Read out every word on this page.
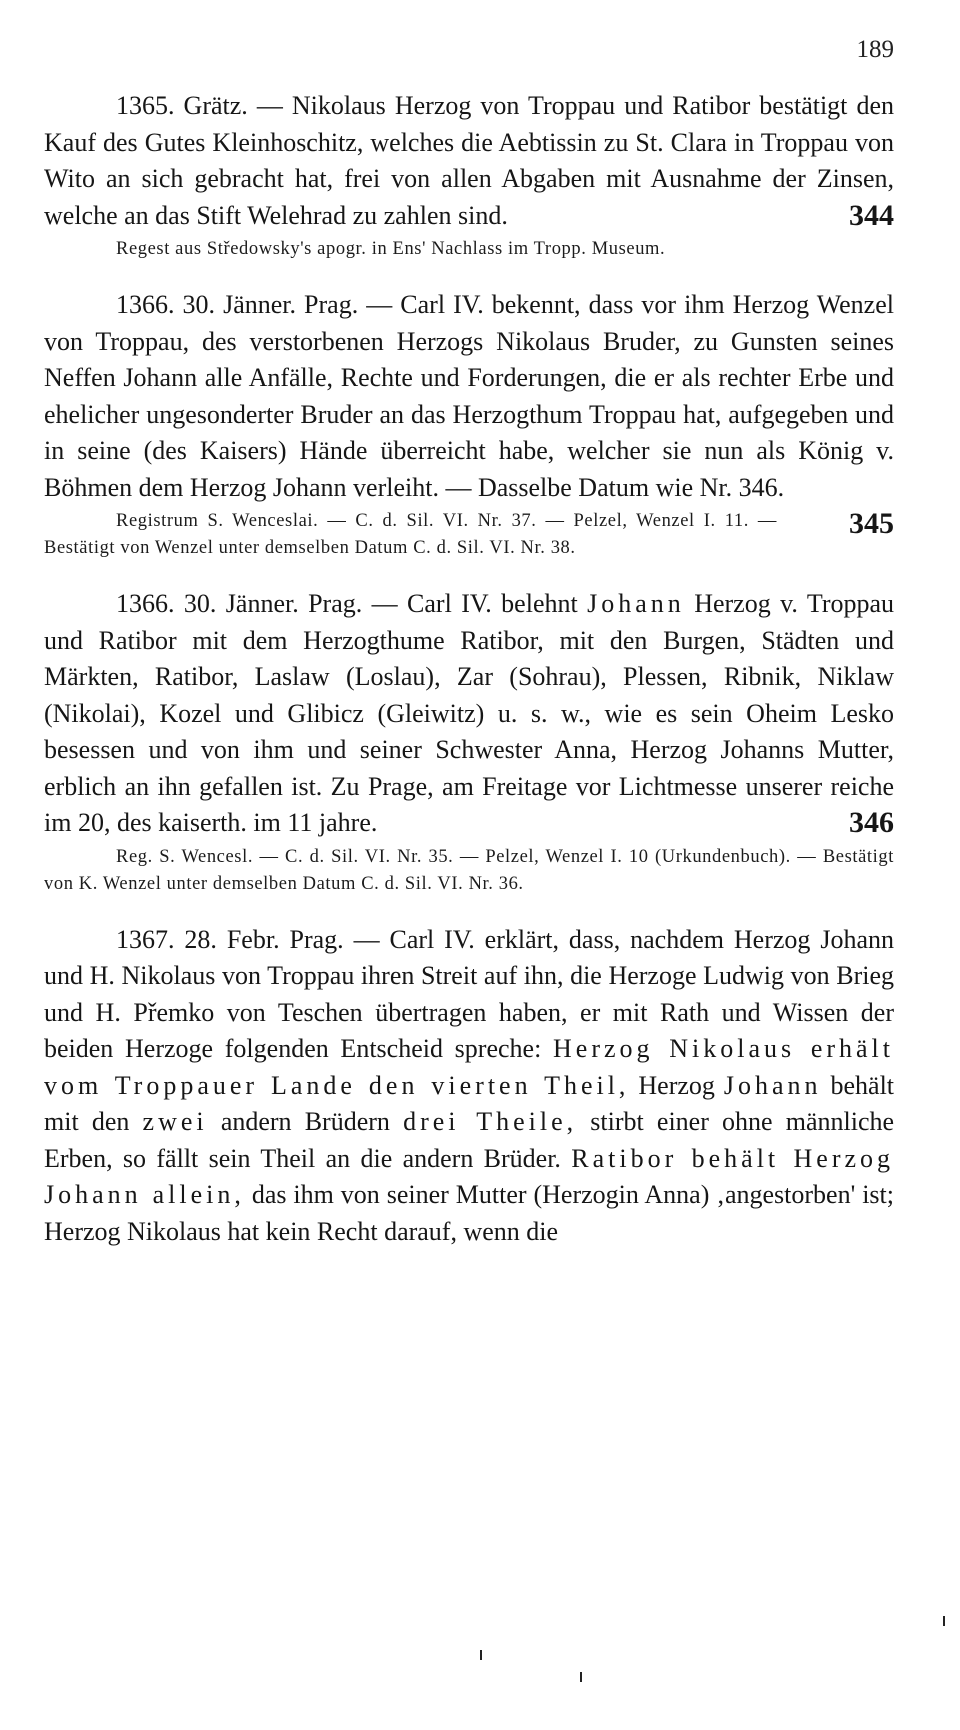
189

1365. Grätz. — Nikolaus Herzog von Troppau und Ratibor bestätigt den Kauf des Gutes Kleinhoschitz, welches die Aebtissin zu St. Clara in Troppau von Wito an sich gebracht hat, frei von allen Abgaben mit Ausnahme der Zinsen, welche an das Stift Welehrad zu zahlen sind.	344

Regest aus Středowsky's apogr. in Ens' Nachlass im Tropp. Museum.

1366. 30. Jänner. Prag. — Carl IV. bekennt, dass vor ihm Herzog Wenzel von Troppau, des verstorbenen Herzogs Nikolaus Bruder, zu Gunsten seines Neffen Johann alle Anfälle, Rechte und Forderungen, die er als rechter Erbe und ehelicher ungesonderter Bruder an das Herzogthum Troppau hat, aufgegeben und in seine (des Kaisers) Hände überreicht habe, welcher sie nun als König v. Böhmen dem Herzog Johann verleiht. — Dasselbe Datum wie Nr. 346.
345

Registrum S. Wenceslai. — C. d. Sil. VI. Nr. 37. — Pelzel, Wenzel I. 11. — Bestätigt von Wenzel unter demselben Datum C. d. Sil. VI. Nr. 38.

1366. 30. Jänner. Prag. — Carl IV. belehnt Johann Herzog v. Troppau und Ratibor mit dem Herzogthume Ratibor, mit den Burgen, Städten und Märkten, Ratibor, Laslaw (Loslau), Zar (Sohrau), Plessen, Ribnik, Niklaw (Nikolai), Kozel und Glibicz (Gleiwitz) u. s. w., wie es sein Oheim Lesko besessen und von ihm und seiner Schwester Anna, Herzog Johanns Mutter, erblich an ihn gefallen ist. Zu Prage, am Freitage vor Lichtmesse unserer reiche im 20, des kaiserth. im 11 jahre.	346

Reg. S. Wencesl. — C. d. Sil. VI. Nr. 35. — Pelzel, Wenzel I. 10 (Urkundenbuch). — Bestätigt von K. Wenzel unter demselben Datum C. d. Sil. VI. Nr. 36.

1367. 28. Febr. Prag. — Carl IV. erklärt, dass, nachdem Herzog Johann und H. Nikolaus von Troppau ihren Streit auf ihn, die Herzoge Ludwig von Brieg und H. Přemko von Teschen übertragen haben, er mit Rath und Wissen der beiden Herzoge folgenden Entscheid spreche: Herzog Nikolaus erhält vom Troppauer Lande den vierten Theil, Herzog Johann behält mit den zwei andern Brüdern drei Theile, stirbt einer ohne männliche Erben, so fällt sein Theil an die andern Brüder. Ratibor behält Herzog Johann allein, das ihm von seiner Mutter (Herzogin Anna) ‚angestorben' ist; Herzog Nikolaus hat kein Recht darauf, wenn die
